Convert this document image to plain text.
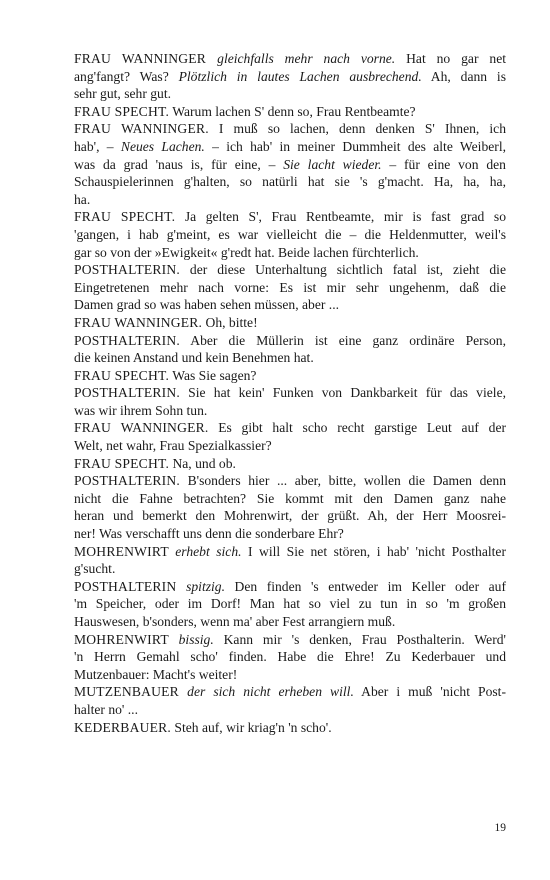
FRAU WANNINGER gleichfalls mehr nach vorne. Hat no gar net
ang'fangt? Was? Plötzlich in lautes Lachen ausbrechend. Ah, dann is
sehr gut, sehr gut.
FRAU SPECHT. Warum lachen S' denn so, Frau Rentbeamte?
FRAU WANNINGER. I muß so lachen, denn denken S' Ihnen, ich
hab', – Neues Lachen. – ich hab' in meiner Dummheit des alte Weiberl,
was da grad 'naus is, für eine, – Sie lacht wieder. – für eine von den
Schauspielerinnen g'halten, so natürli hat sie 's g'macht. Ha, ha, ha,
ha.
FRAU SPECHT. Ja gelten S', Frau Rentbeamte, mir is fast grad so
'gangen, i hab g'meint, es war vielleicht die – die Heldenmutter, weil's
gar so von der »Ewigkeit« g'redt hat. Beide lachen fürchterlich.
POSTHALTERIN. der diese Unterhaltung sichtlich fatal ist, zieht die
Eingetretenen mehr nach vorne: Es ist mir sehr ungehenm, daß die
Damen grad so was haben sehen müssen, aber ...
FRAU WANNINGER. Oh, bitte!
POSTHALTERIN. Aber die Müllerin ist eine ganz ordinäre Person,
die keinen Anstand und kein Benehmen hat.
FRAU SPECHT. Was Sie sagen?
POSTHALTERIN. Sie hat kein' Funken von Dankbarkeit für das viele,
was wir ihrem Sohn tun.
FRAU WANNINGER. Es gibt halt scho recht garstige Leut auf der
Welt, net wahr, Frau Spezialkassier?
FRAU SPECHT. Na, und ob.
POSTHALTERIN. B'sonders hier ... aber, bitte, wollen die Damen denn
nicht die Fahne betrachten? Sie kommt mit den Damen ganz nahe
heran und bemerkt den Mohrenwirt, der grüßt. Ah, der Herr Moosrei-
ner! Was verschafft uns denn die sonderbare Ehr?
MOHRENWIRT erhebt sich. I will Sie net stören, i hab' 'nicht Posthalter
g'sucht.
POSTHALTERIN spitzig. Den finden 's entweder im Keller oder auf
'm Speicher, oder im Dorf! Man hat so viel zu tun in so 'm großen
Hauswesen, b'sonders, wenn ma' aber Fest arrangiern muß.
MOHRENWIRT bissig. Kann mir 's denken, Frau Posthalterin. Werd'
'n Herrn Gemahl scho' finden. Habe die Ehre! Zu Kederbauer und
Mutzenbauer: Macht's weiter!
MUTZENBAUER der sich nicht erheben will. Aber i muß 'nicht Post-
halter no' ...
KEDERBAUER. Steh auf, wir kriag'n 'n scho'.
19
